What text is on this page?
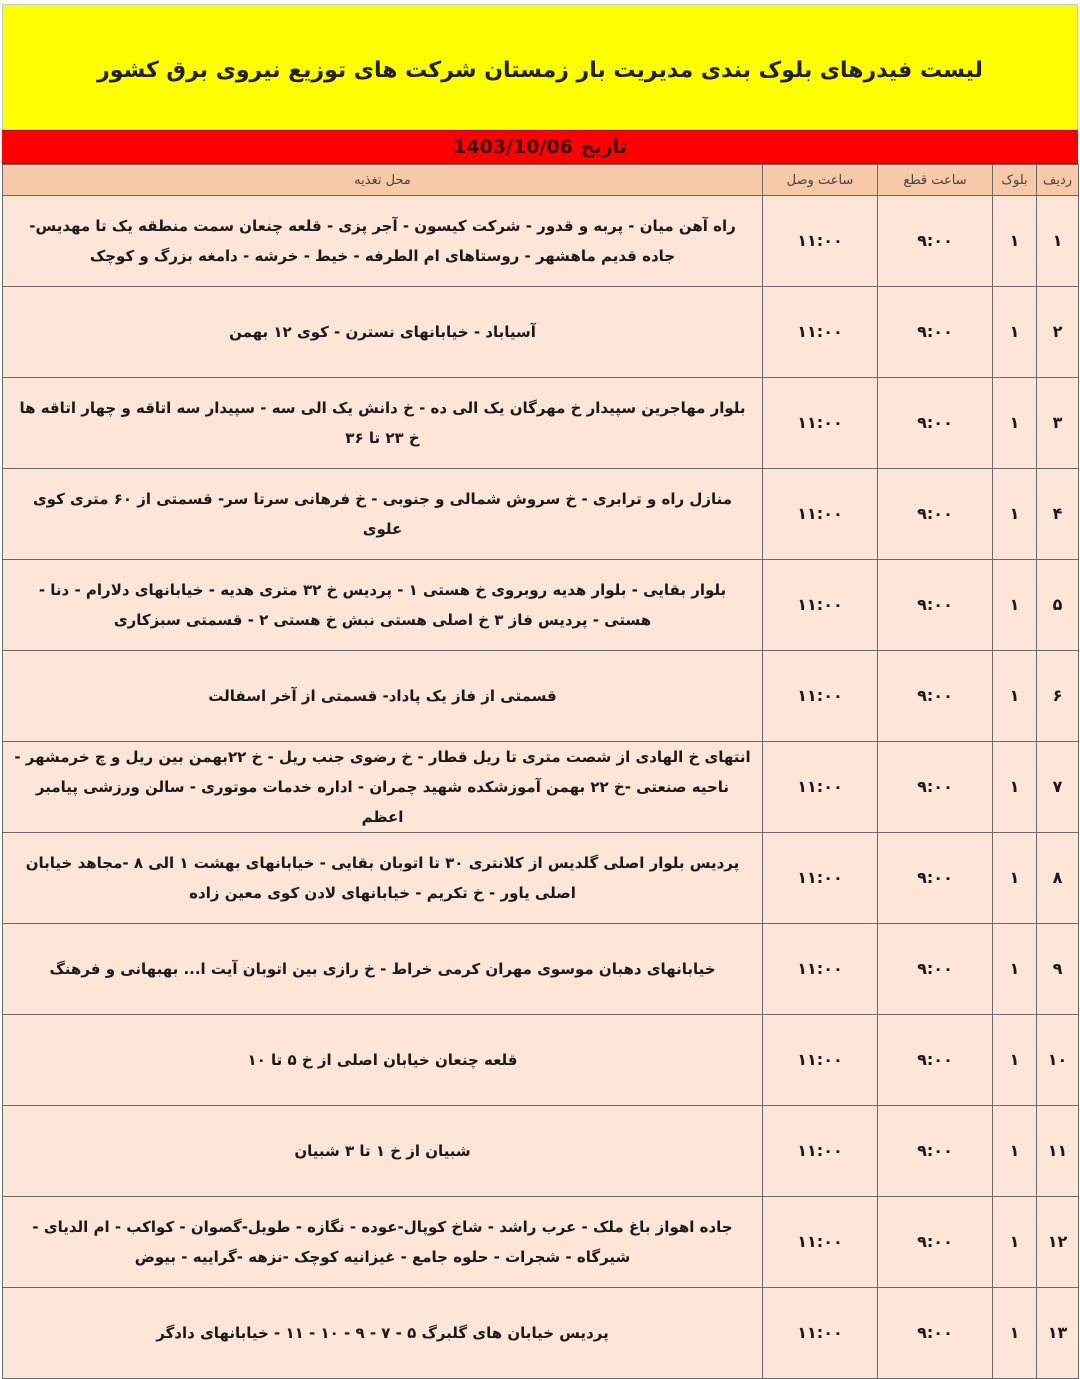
لیست فیدرهای بلوک بندی مدیریت بار زمستان شرکت های توزیع نیروی برق کشور
تاریخ
1403/10/06
ردیف	بلوک	ساعت قطع	ساعت وصل	محل تغذیه
۱	۱	۹:۰۰	۱۱:۰۰	راه آهن میان - پربه و قدور - شرکت کیسون - آجر پزی - قلعه چنعان سمت منطقه یک تا مهدیس-جاده قدیم ماهشهر - روستاهای ام الطرفه - خیط - خرشه - دامغه بزرگ و کوچک

۲	۱	۹:۰۰	۱۱:۰۰	آسیاباد - خیابانهای نسترن - کوی ۱۲ بهمن

۳	۱	۹:۰۰	۱۱:۰۰	بلوار مهاجرین سپیدار خ مهرگان یک الی ده - خ دانش یک الی سه - سپیدار سه اتاقه و چهار اتاقه ها خ ۲۳ تا ۳۶

۴	۱	۹:۰۰	۱۱:۰۰	منازل راه و ترابری - خ سروش شمالی و جنوبی - خ فرهانی سرتا سر- قسمتی از ۶۰ متری کوی علوی

۵	۱	۹:۰۰	۱۱:۰۰	بلوار بقایی - بلوار هدیه روبروی خ هستی ۱ - پردیس خ ۳۲ متری هدیه - خیابانهای دلارام - دنا - هستی - پردیس فاز ۳ خ اصلی هستی نبش خ هستی ۲ - قسمتی سبزکاری

۶	۱	۹:۰۰	۱۱:۰۰	قسمتی از فاز یک پاداد- قسمتی از آخر اسفالت

۷	۱	۹:۰۰	۱۱:۰۰	انتهای خ الهادی از شصت متری تا ریل قطار - خ رضوی جنب ریل - خ ۲۲بهمن بین ریل و چ خرمشهر - ناحیه صنعتی -خ ۲۲ بهمن آموزشکده شهید چمران - اداره خدمات موتوری - سالن ورزشی پیامبر اعظم

۸	۱	۹:۰۰	۱۱:۰۰	پردیس بلوار اصلی گلدیس از کلانتری ۳۰ تا اتوبان بقایی - خیابانهای بهشت ۱ الی ۸ -مجاهد خیابان اصلی یاور - خ تکریم - خیابانهای لادن کوی معین زاده

۹	۱	۹:۰۰	۱۱:۰۰	خیابانهای دهبان موسوی مهران کرمی خراط - خ رازی بین اتوبان آیت ا... بهبهانی و فرهنگ

۱۰	۱	۹:۰۰	۱۱:۰۰	قلعه چنعان خیابان اصلی از خ ۵ تا ۱۰

۱۱	۱	۹:۰۰	۱۱:۰۰	شبیان از خ ۱ تا ۳ شبیان

۱۲	۱	۹:۰۰	۱۱:۰۰	جاده اهواز باغ ملک - عرب راشد - شاخ کوپال-عوده - نگازه - طویل-گصوان - کواکب - ام الدیای - شیرگاه - شجرات - حلوه جامع - غیزانیه کوچک -نزهه -گراییه - بیوض

۱۳	۱	۹:۰۰	۱۱:۰۰	پردیس خیابان های گلبرگ ۵ - ۷ - ۹ - ۱۰ - ۱۱ - خیابانهای دادگر
